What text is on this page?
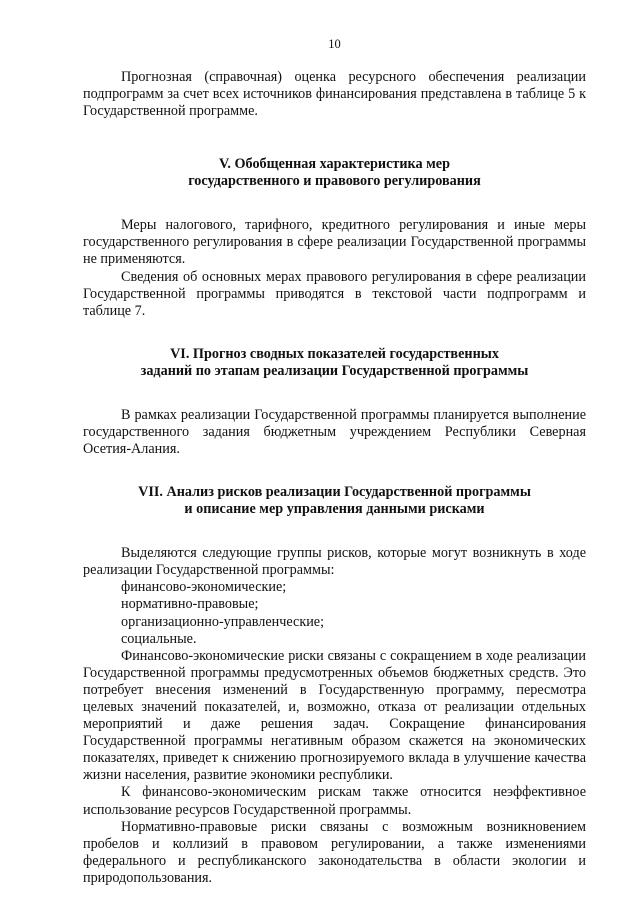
10

Прогнозная (справочная) оценка ресурсного обеспечения реализации подпрограмм за счет всех источников финансирования представлена в таблице 5 к Государственной программе.

V. Обобщенная характеристика мер
государственного и правового регулирования

Меры налогового, тарифного, кредитного регулирования и иные меры государственного регулирования в сфере реализации Государственной программы не применяются.

Сведения об основных мерах правового регулирования в сфере реализации Государственной программы приводятся в текстовой части подпрограмм и таблице 7.

VI. Прогноз сводных показателей государственных
заданий по этапам реализации Государственной программы

В рамках реализации Государственной программы планируется выполнение государственного задания бюджетным учреждением Республики Северная Осетия-Алания.

VII. Анализ рисков реализации Государственной программы
и описание мер управления данными рисками

Выделяются следующие группы рисков, которые могут возникнуть в ходе реализации Государственной программы:

финансово-экономические;

нормативно-правовые;

организационно-управленческие;

социальные.

Финансово-экономические риски связаны с сокращением в ходе реализации Государственной программы предусмотренных объемов бюджетных средств. Это потребует внесения изменений в Государственную программу, пересмотра целевых значений показателей, и, возможно, отказа от реализации отдельных мероприятий и даже решения задач. Сокращение финансирования Государственной программы негативным образом скажется на экономических показателях, приведет к снижению прогнозируемого вклада в улучшение качества жизни населения, развитие экономики республики.

К финансово-экономическим рискам также относится неэффективное использование ресурсов Государственной программы.

Нормативно-правовые риски связаны с возможным возникновением пробелов и коллизий в правовом регулировании, а также изменениями федерального и республиканского законодательства в области экологии и природопользования.
